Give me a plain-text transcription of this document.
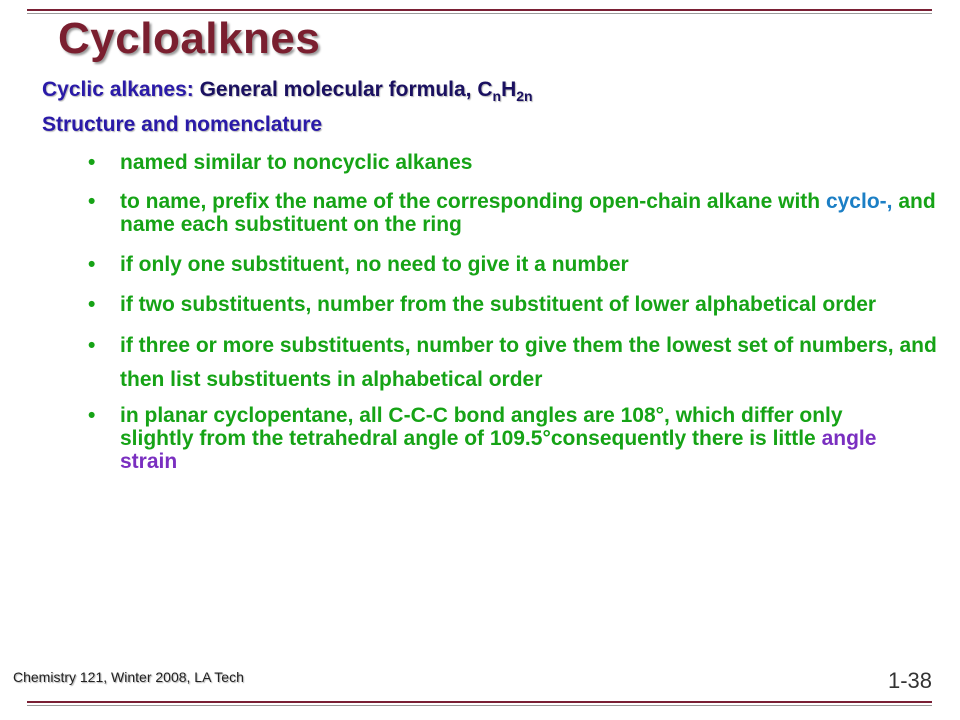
Cycloalknes
Cyclic alkanes: General molecular formula, $C_nH_{2n}$
Structure and nomenclature
• named similar to noncyclic alkanes
• to name, prefix the name of the corresponding open-chain alkane with cyclo-, and name each substituent on the ring
• if only one substituent, no need to give it a number
• if two substituents, number from the substituent of lower alphabetical order
• if three or more substituents, number to give them the lowest set of numbers, and then list substituents in alphabetical order
• in planar cyclopentane, all C-C-C bond angles are 108°, which differ only slightly from the tetrahedral angle of 109.5°consequently there is little angle strain
Chemistry 121, Winter 2008, LA Tech	1-38
